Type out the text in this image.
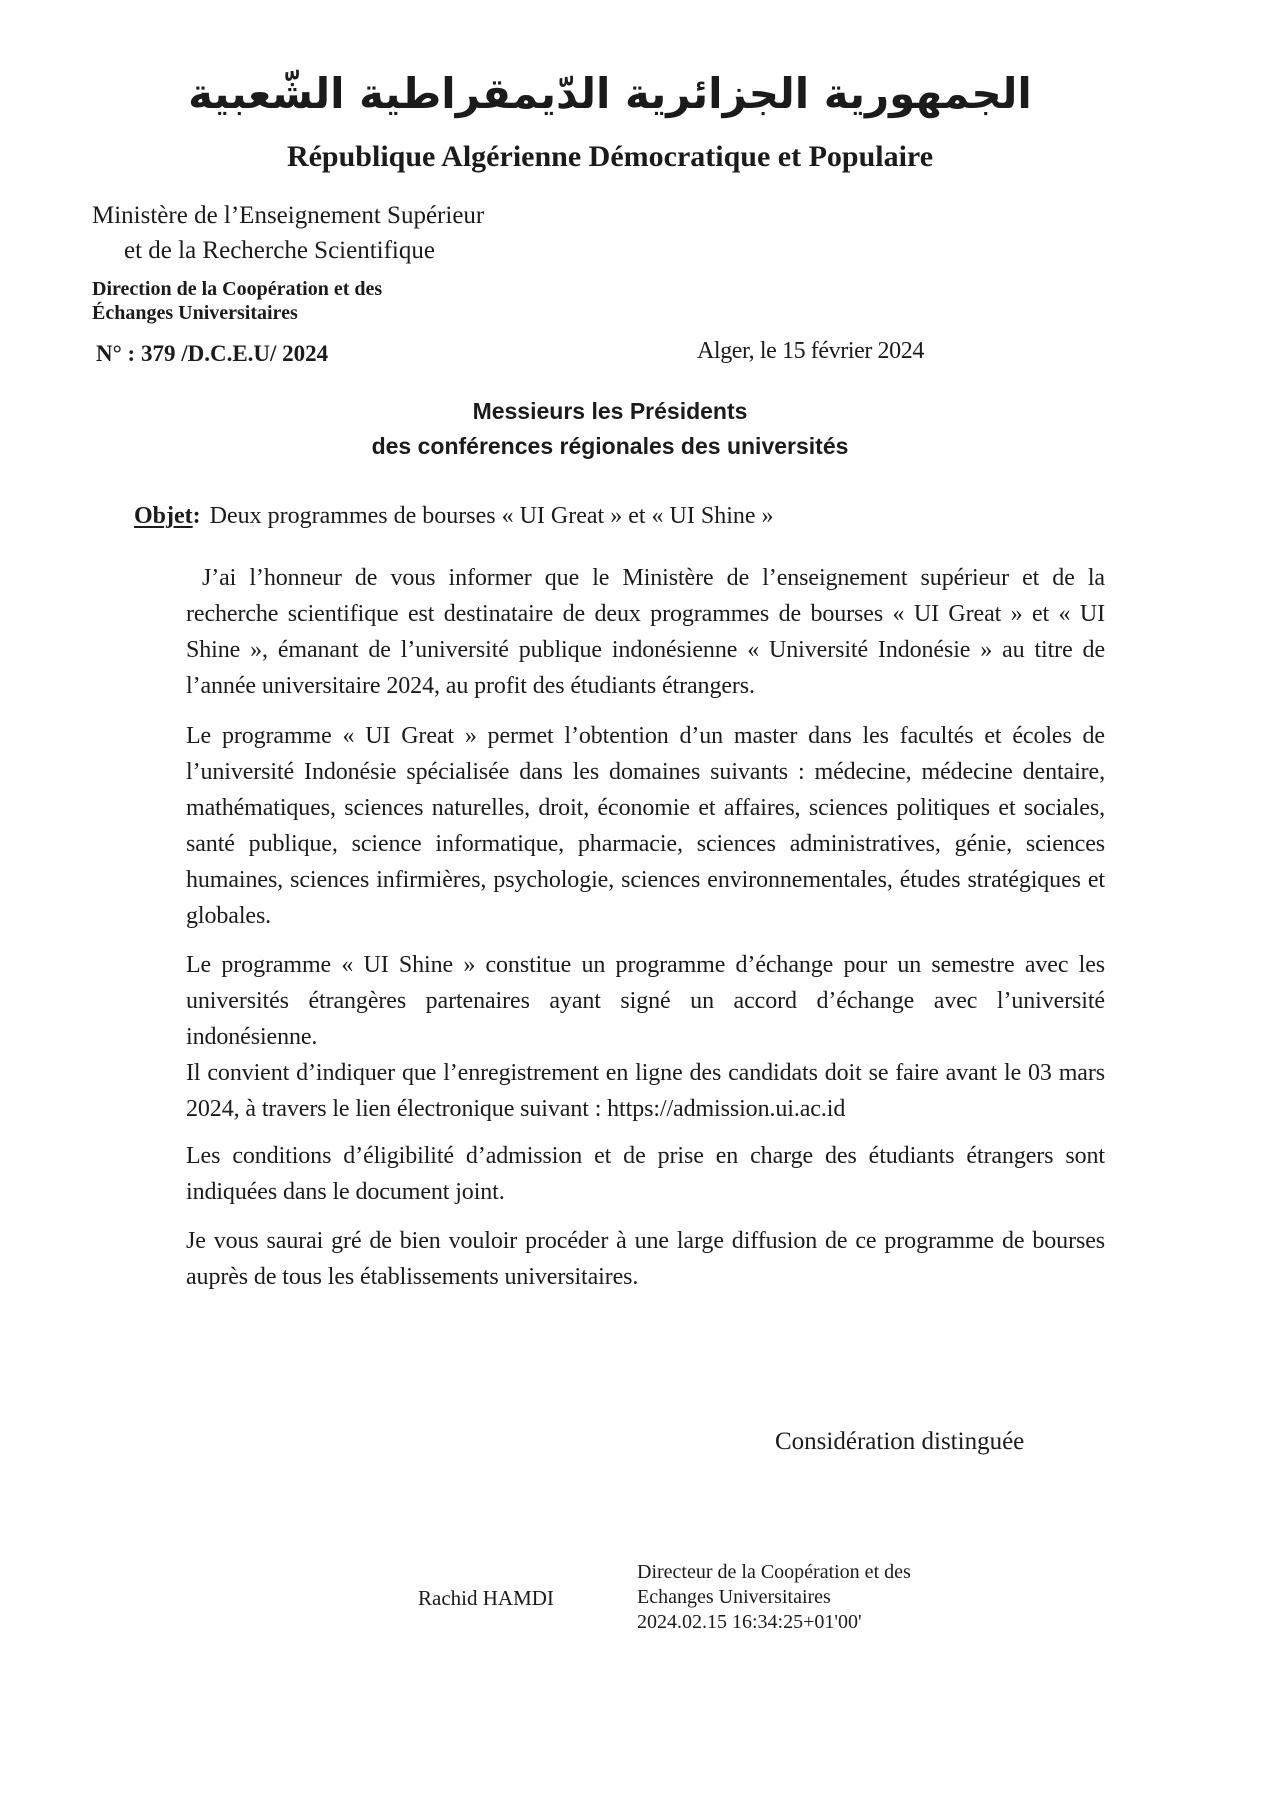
الجمهورية الجزائرية الدّيمقراطية الشّعبية
République Algérienne Démocratique et Populaire
Ministère de l’Enseignement Supérieur
et de la Recherche Scientifique
Direction de la Coopération et des
Échanges Universitaires
N° : 379 /D.C.E.U/ 2024	Alger, le 15 février 2024
Messieurs les Présidents
des conférences régionales des universités
Objet: Deux programmes de bourses « UI Great » et « UI Shine »

J’ai l’honneur de vous informer que le Ministère de l’enseignement supérieur et de la recherche scientifique est destinataire de deux programmes de bourses « UI Great » et « UI Shine », émanant de l’université publique indonésienne « Université Indonésie » au titre de l’année universitaire 2024, au profit des étudiants étrangers.

Le programme « UI Great » permet l’obtention d’un master dans les facultés et écoles de l’université Indonésie spécialisée dans les domaines suivants : médecine, médecine dentaire, mathématiques, sciences naturelles, droit, économie et affaires, sciences politiques et sociales, santé publique, science informatique, pharmacie, sciences administratives, génie, sciences humaines, sciences infirmières, psychologie, sciences environnementales, études stratégiques et globales.

Le programme « UI Shine » constitue un programme d’échange pour un semestre avec les universités étrangères partenaires ayant signé un accord d’échange avec l’université indonésienne.

Il convient d’indiquer que l’enregistrement en ligne des candidats doit se faire avant le 03 mars 2024, à travers le lien électronique suivant : https://admission.ui.ac.id

Les conditions d’éligibilité d’admission et de prise en charge des étudiants étrangers sont indiquées dans le document joint.

Je vous saurai gré de bien vouloir procéder à une large diffusion de ce programme de bourses auprès de tous les établissements universitaires.

Considération distinguée
Rachid HAMDI
Directeur de la Coopération et des
Echanges Universitaires
2024.02.15 16:34:25+01'00'
